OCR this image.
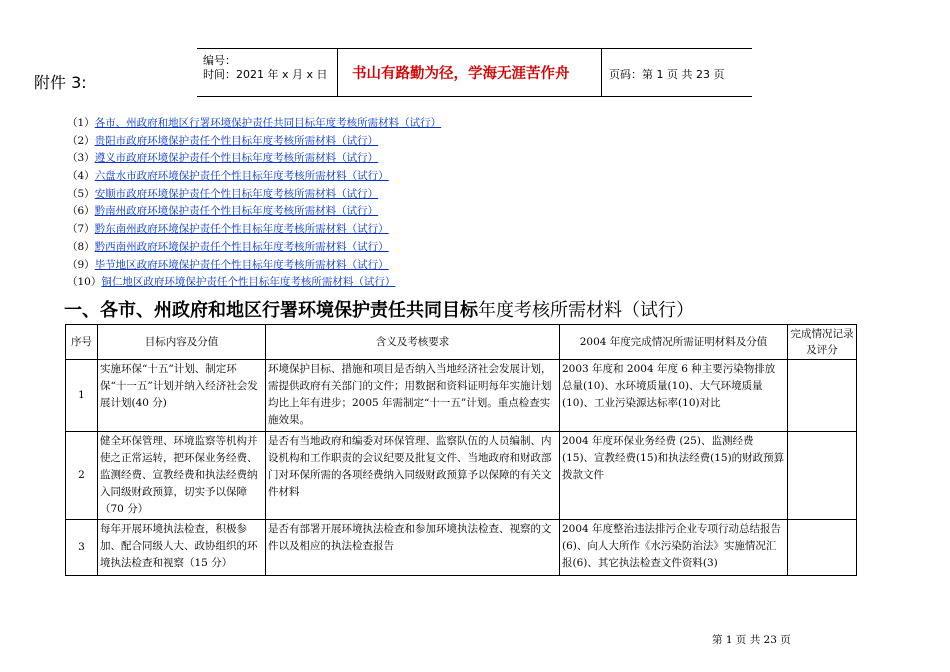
编号：
时间：2021 年 x 月 x 日 书山有路勤为径，学海无涯苦作舟	页码：第 1 页 共 23 页
附件 3:
（1）各市、州政府和地区行署环境保护责任共同目标年度考核所需材料（试行）
（2）贵阳市政府环境保护责任个性目标年度考核所需材料（试行）
（3）遵义市政府环境保护责任个性目标年度考核所需材料（试行）
（4）六盘水市政府环境保护责任个性目标年度考核所需材料（试行）
（5）安顺市政府环境保护责任个性目标年度考核所需材料（试行）
（6）黔南州政府环境保护责任个性目标年度考核所需材料（试行）
（7）黔东南州政府环境保护责任个性目标年度考核所需材料（试行）
（8）黔西南州政府环境保护责任个性目标年度考核所需材料（试行）
（9）毕节地区政府环境保护责任个性目标年度考核所需材料（试行）
（10）铜仁地区政府环境保护责任个性目标年度考核所需材料（试行）
一、各市、州政府和地区行署环境保护责任共同目标年度考核所需材料（试行）
序号	目标内容及分值	含义及考核要求	2004 年度完成情况所需证明材料及分值	完成情况记录及评分
1	实施环保“十五”计划、制定环保“十一五”计划并纳入经济社会发展计划(40 分)	环境保护目标、措施和项目是否纳入当地经济社会发展计划，需提供政府有关部门的文件；用数据和资料证明每年实施计划均比上年有进步；2005 年需制定“十一五”计划。重点检查实施效果。	2003 年度和 2004 年度 6 种主要污染物排放总量(10)、水环境质量(10)、大气环境质量(10)、工业污染源达标率(10)对比	
2	健全环保管理、环境监察等机构并使之正常运转，把环保业务经费、监测经费、宣教经费和执法经费纳入同级财政预算，切实予以保障（70 分）	是否有当地政府和编委对环保管理、监察队伍的人员编制、内设机构和工作职责的会议纪要及批复文件、当地政府和财政部门对环保所需的各项经费纳入同级财政预算予以保障的有关文件材料	2004 年度环保业务经费 (25)、监测经费(15)、宣教经费(15)和执法经费(15)的财政预算拨款文件	
3	每年开展环境执法检查，积极参加、配合同级人大、政协组织的环境执法检查和视察（15 分）	是否有部署开展环境执法检查和参加环境执法检查、视察的文件以及相应的执法检查报告	2004 年度整治违法排污企业专项行动总结报告(6)、向人大所作《水污染防治法》实施情况汇报(6)、其它执法检查文件资料(3)	
第 1 页 共 23 页
